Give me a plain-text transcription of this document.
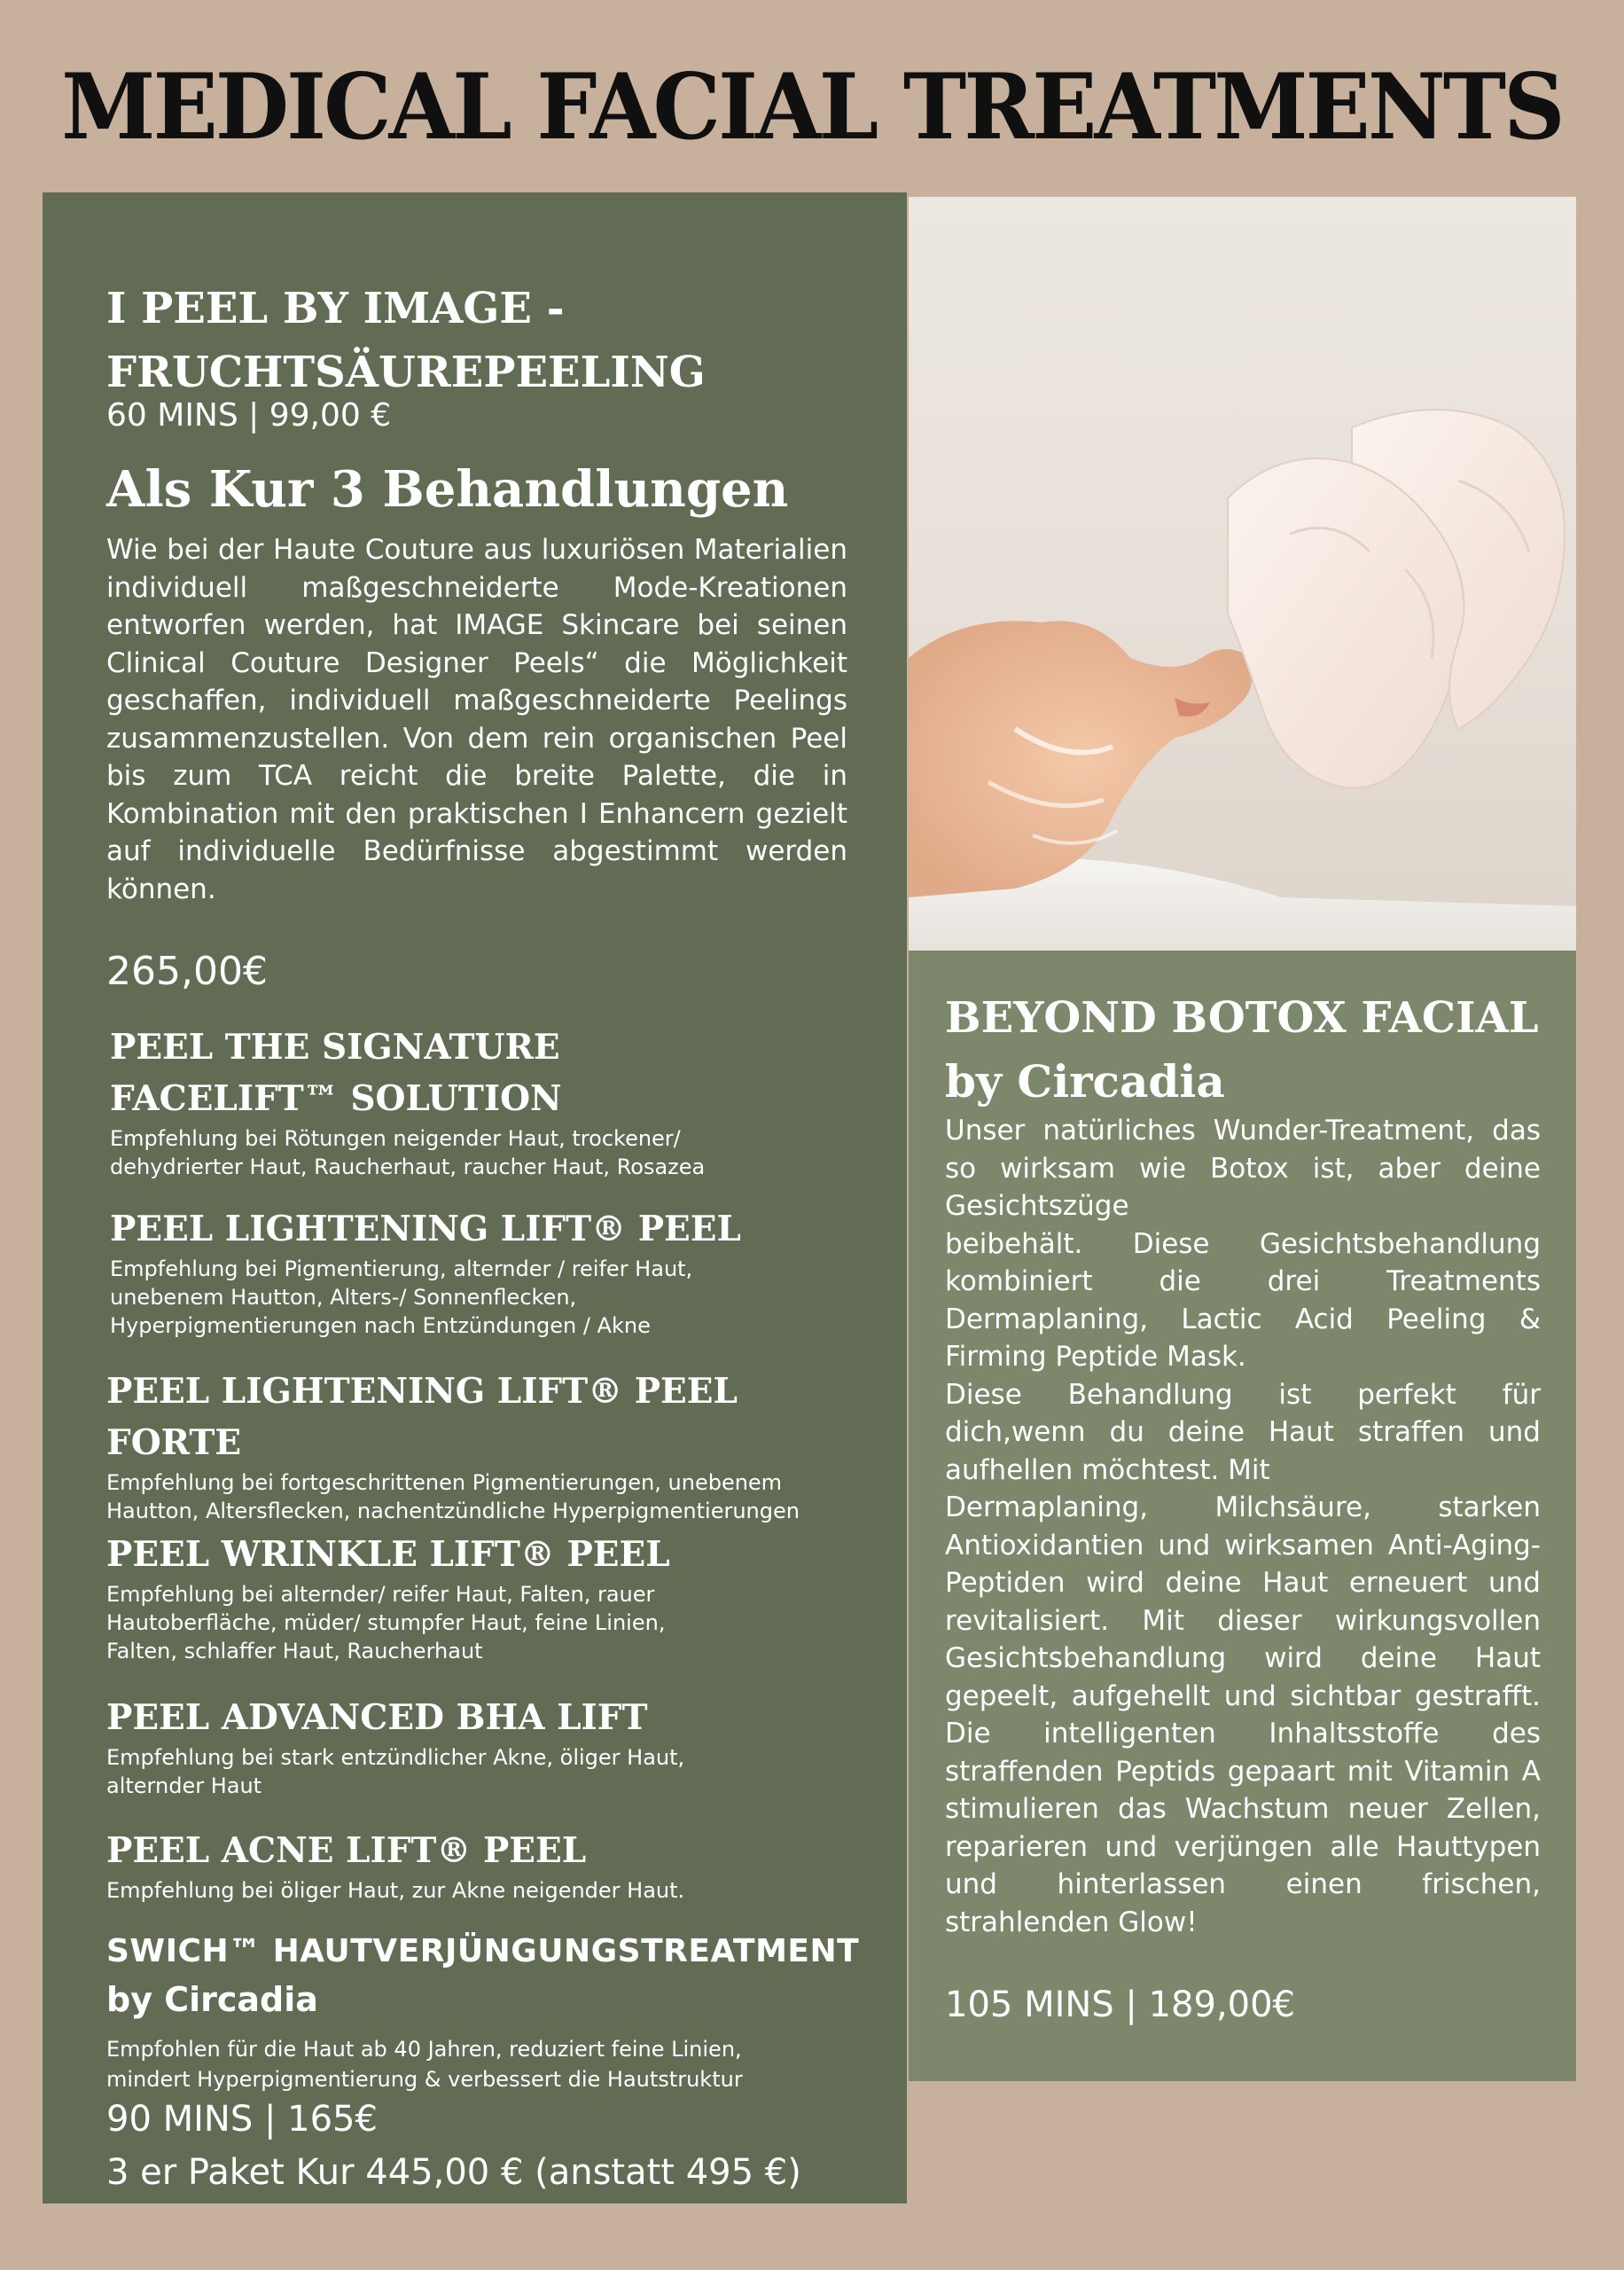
MEDICAL FACIAL TREATMENTS
I PEEL BY IMAGE - FRUCHTSÄUREPEELING
60 MINS | 99,00 €
Als Kur 3 Behandlungen

Wie bei der Haute Couture aus luxuriösen Materialien individuell maßgeschneiderte Mode-Kreationen entworfen werden, hat IMAGE Skincare bei seinen Clinical Couture Designer Peels“ die Möglichkeit geschaffen, individuell maßgeschneiderte Peelings zusammenzustellen. Von dem rein organischen Peel bis zum TCA reicht die breite Palette, die in Kombination mit den praktischen I Enhancern gezielt auf individuelle Bedürfnisse abgestimmt werden können.

265,00€
PEEL THE SIGNATURE FACELIFT™ SOLUTION
Empfehlung bei Rötungen neigender Haut, trockener/ dehydrierter Haut, Raucherhaut, raucher Haut, Rosazea
PEEL LIGHTENING LIFT® PEEL
Empfehlung bei Pigmentierung, alternder / reifer Haut, unebenem Hautton, Alters-/ Sonnenflecken, Hyperpigmentierungen nach Entzündungen / Akne
PEEL LIGHTENING LIFT® PEEL FORTE
Empfehlung bei fortgeschrittenen Pigmentierungen, unebenem Hautton, Altersflecken, nachentzündliche Hyperpigmentierungen
PEEL WRINKLE LIFT® PEEL
Empfehlung bei alternder/ reifer Haut, Falten, rauer Hautoberfläche, müder/ stumpfer Haut, feine Linien, Falten, schlaffer Haut, Raucherhaut
PEEL ADVANCED BHA LIFT
Empfehlung bei stark entzündlicher Akne, öliger Haut, alternder Haut
PEEL ACNE LIFT® PEEL
Empfehlung bei öliger Haut, zur Akne neigender Haut.
SWICH™ HAUTVERJÜNGUNGSTREATMENT
by Circadia
Empfohlen für die Haut ab 40 Jahren, reduziert feine Linien, mindert Hyperpigmentierung & verbessert die Hautstruktur
90 MINS | 165€
3 er Paket Kur 445,00 € (anstatt 495 €)
BEYOND BOTOX FACIAL
by Circadia

Unser natürliches Wunder-Treatment, das so wirksam wie Botox ist, aber deine Gesichtszüge

beibehält. Diese Gesichtsbehandlung kombiniert die drei Treatments Dermaplaning, Lactic Acid Peeling & Firming Peptide Mask.

Diese Behandlung ist perfekt für dich,wenn du deine Haut straffen und aufhellen möchtest. Mit

Dermaplaning, Milchsäure, starken Antioxidantien und wirksamen Anti-Aging-Peptiden wird deine Haut erneuert und revitalisiert. Mit dieser wirkungsvollen Gesichtsbehandlung wird deine Haut gepeelt, aufgehellt und sichtbar gestrafft. Die intelligenten Inhaltsstoffe des straffenden Peptids gepaart mit Vitamin A stimulieren das Wachstum neuer Zellen, reparieren und verjüngen alle Hauttypen und hinterlassen einen frischen, strahlenden Glow!

105 MINS | 189,00€
